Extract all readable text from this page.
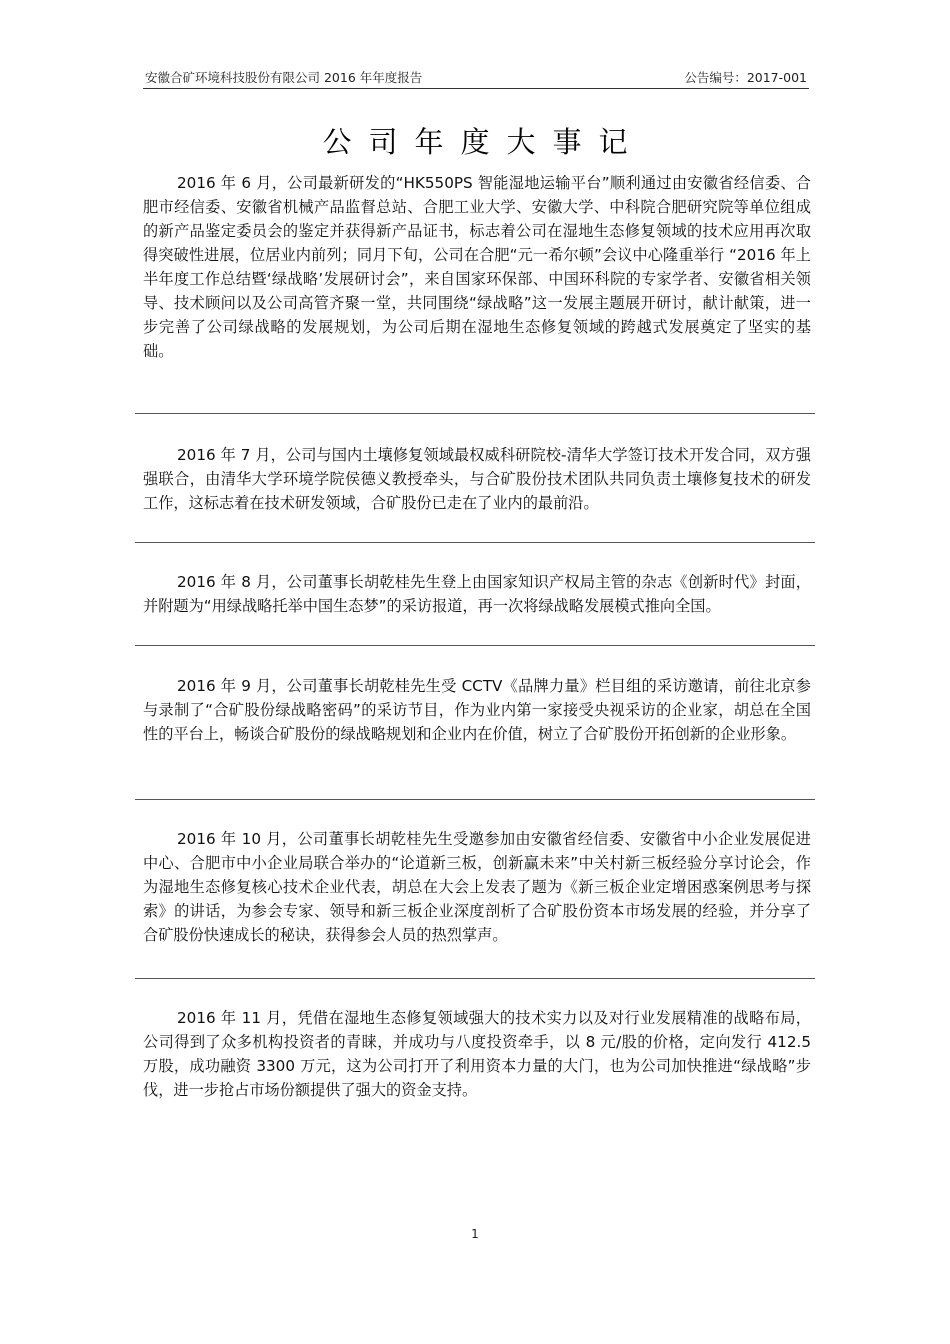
安徽合矿环境科技股份有限公司 2016 年年度报告	公告编号：2017-001
公司年度大事记

2016 年 6 月，公司最新研发的“HK550PS 智能湿地运输平台”顺利通过由安徽省经信委、合肥市经信委、安徽省机械产品监督总站、合肥工业大学、安徽大学、中科院合肥研究院等单位组成的新产品鉴定委员会的鉴定并获得新产品证书，标志着公司在湿地生态修复领域的技术应用再次取得突破性进展，位居业内前列；同月下旬，公司在合肥“元一希尔顿”会议中心隆重举行 “2016 年上半年度工作总结暨‘绿战略’发展研讨会”，来自国家环保部、中国环科院的专家学者、安徽省相关领导、技术顾问以及公司高管齐聚一堂，共同围绕“绿战略”这一发展主题展开研讨，献计献策，进一步完善了公司绿战略的发展规划，为公司后期在湿地生态修复领域的跨越式发展奠定了坚实的基础。

2016 年 7 月，公司与国内土壤修复领域最权威科研院校-清华大学签订技术开发合同，双方强强联合，由清华大学环境学院侯德义教授牵头，与合矿股份技术团队共同负责土壤修复技术的研发工作，这标志着在技术研发领域，合矿股份已走在了业内的最前沿。

2016 年 8 月，公司董事长胡乾桂先生登上由国家知识产权局主管的杂志《创新时代》封面，并附题为“用绿战略托举中国生态梦”的采访报道，再一次将绿战略发展模式推向全国。

2016 年 9 月，公司董事长胡乾桂先生受 CCTV《品牌力量》栏目组的采访邀请，前往北京参与录制了“合矿股份绿战略密码”的采访节目，作为业内第一家接受央视采访的企业家，胡总在全国性的平台上，畅谈合矿股份的绿战略规划和企业内在价值，树立了合矿股份开拓创新的企业形象。

2016 年 10 月，公司董事长胡乾桂先生受邀参加由安徽省经信委、安徽省中小企业发展促进中心、合肥市中小企业局联合举办的“论道新三板，创新赢未来”中关村新三板经验分享讨论会，作为湿地生态修复核心技术企业代表，胡总在大会上发表了题为《新三板企业定增困惑案例思考与探索》的讲话，为参会专家、领导和新三板企业深度剖析了合矿股份资本市场发展的经验，并分享了合矿股份快速成长的秘诀，获得参会人员的热烈掌声。

2016 年 11 月，凭借在湿地生态修复领域强大的技术实力以及对行业发展精准的战略布局，公司得到了众多机构投资者的青睐，并成功与八度投资牵手，以 8 元/股的价格，定向发行 412.5 万股，成功融资 3300 万元，这为公司打开了利用资本力量的大门，也为公司加快推进“绿战略”步伐，进一步抢占市场份额提供了强大的资金支持。

1
